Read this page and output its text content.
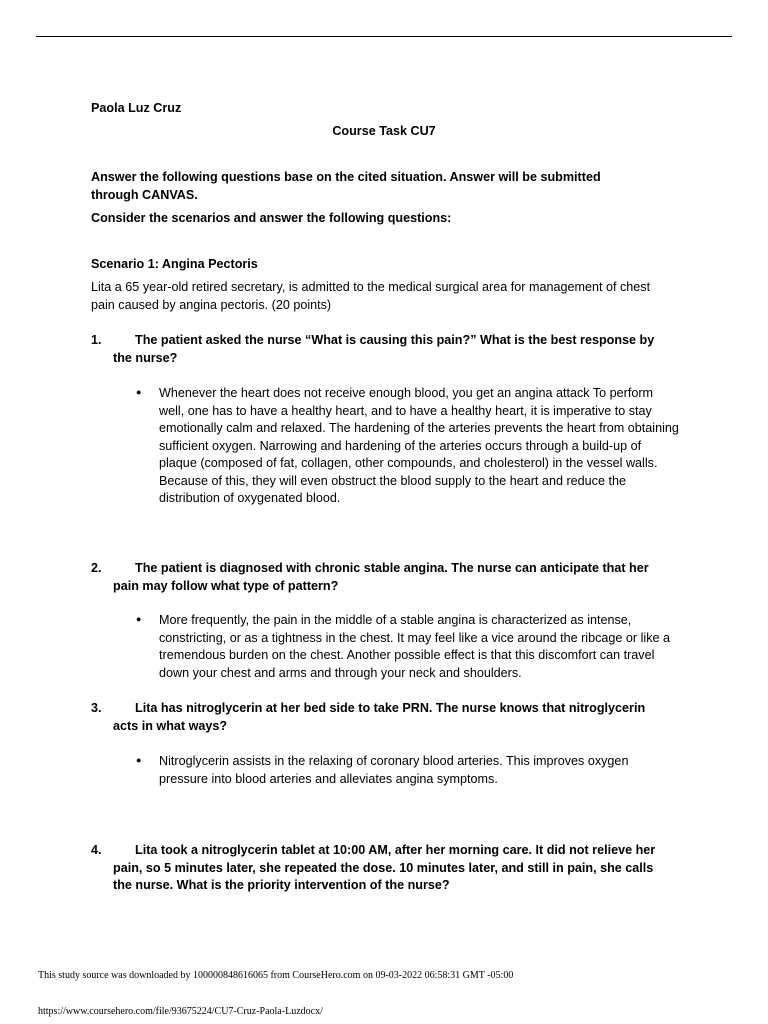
Paola Luz Cruz
Course Task CU7
Answer the following questions base on the cited situation. Answer will be submitted through CANVAS.
Consider the scenarios and answer the following questions:
Scenario 1: Angina Pectoris
Lita a 65 year-old retired secretary, is admitted to the medical surgical area for management of chest pain caused by angina pectoris. (20 points)
1.	The patient asked the nurse “What is causing this pain?” What is the best response by the nurse?
● Whenever the heart does not receive enough blood, you get an angina attack To perform well, one has to have a healthy heart, and to have a healthy heart, it is imperative to stay emotionally calm and relaxed. The hardening of the arteries prevents the heart from obtaining sufficient oxygen. Narrowing and hardening of the arteries occurs through a build-up of plaque (composed of fat, collagen, other compounds, and cholesterol) in the vessel walls. Because of this, they will even obstruct the blood supply to the heart and reduce the distribution of oxygenated blood.
2.	The patient is diagnosed with chronic stable angina. The nurse can anticipate that her pain may follow what type of pattern?
● More frequently, the pain in the middle of a stable angina is characterized as intense, constricting, or as a tightness in the chest. It may feel like a vice around the ribcage or like a tremendous burden on the chest. Another possible effect is that this discomfort can travel down your chest and arms and through your neck and shoulders.
3.	Lita has nitroglycerin at her bed side to take PRN. The nurse knows that nitroglycerin acts in what ways?
● Nitroglycerin assists in the relaxing of coronary blood arteries. This improves oxygen pressure into blood arteries and alleviates angina symptoms.
4.	Lita took a nitroglycerin tablet at 10:00 AM, after her morning care. It did not relieve her pain, so 5 minutes later, she repeated the dose. 10 minutes later, and still in pain, she calls the nurse. What is the priority intervention of the nurse?
This study source was downloaded by 100000848616065 from CourseHero.com on 09-03-2022 06:58:31 GMT -05:00
https://www.coursehero.com/file/93675224/CU7-Cruz-Paola-Luzdocx/
